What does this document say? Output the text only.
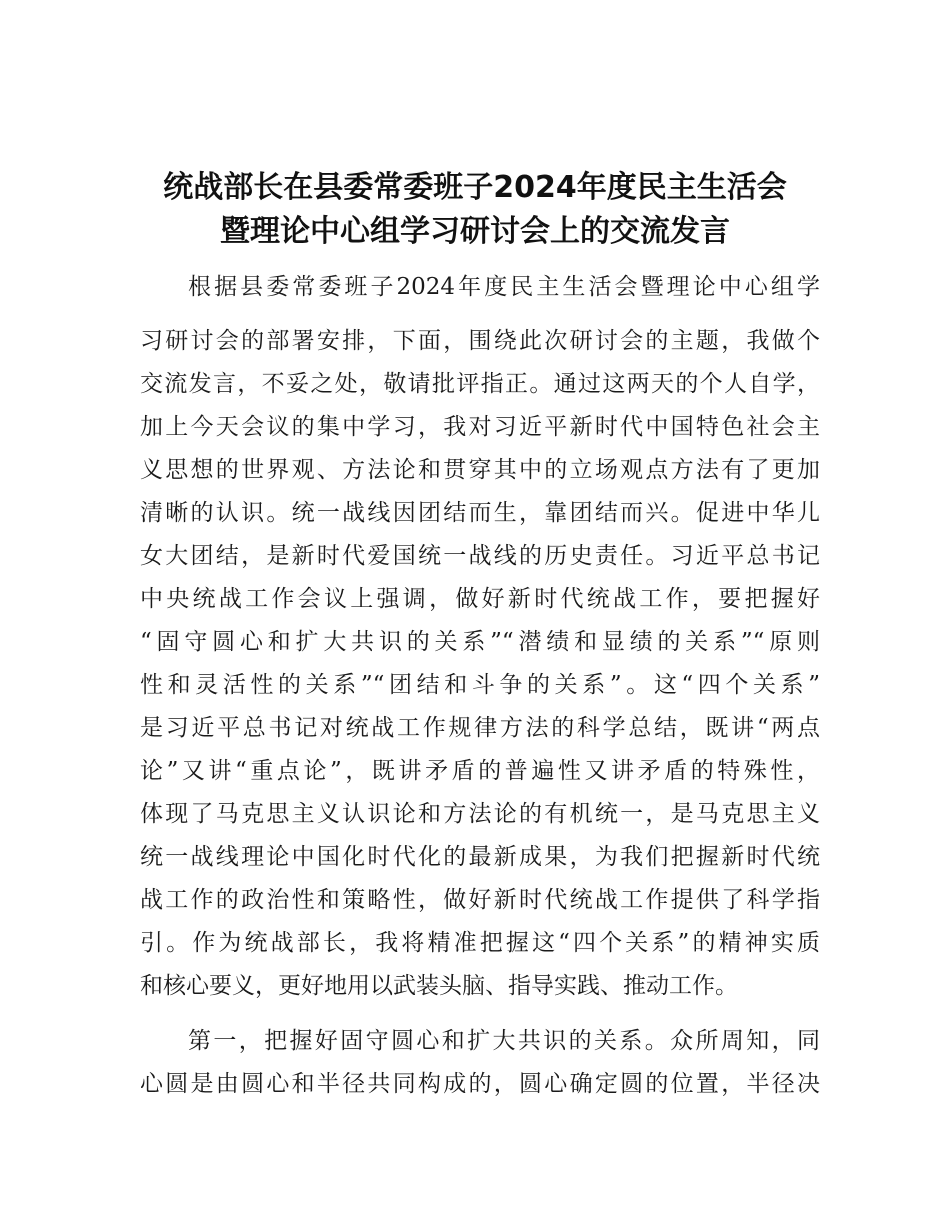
统战部长在县委常委班子2024年度民主生活会
暨理论中心组学习研讨会上的交流发言
根据县委常委班子2024年度民主生活会暨理论中心组学
习研讨会的部署安排，下面，围绕此次研讨会的主题，我做个
交流发言，不妥之处，敬请批评指正。通过这两天的个人自学，
加上今天会议的集中学习，我对习近平新时代中国特色社会主
义思想的世界观、方法论和贯穿其中的立场观点方法有了更加
清晰的认识。统一战线因团结而生，靠团结而兴。促进中华儿
女大团结，是新时代爱国统一战线的历史责任。习近平总书记
中央统战工作会议上强调，做好新时代统战工作，要把握好
“固守圆心和扩大共识的关系”“潜绩和显绩的关系”“原则
性和灵活性的关系”“团结和斗争的关系”。这“四个关系”
是习近平总书记对统战工作规律方法的科学总结，既讲“两点
论”又讲“重点论”，既讲矛盾的普遍性又讲矛盾的特殊性，
体现了马克思主义认识论和方法论的有机统一，是马克思主义
统一战线理论中国化时代化的最新成果，为我们把握新时代统
战工作的政治性和策略性，做好新时代统战工作提供了科学指
引。作为统战部长，我将精准把握这“四个关系”的精神实质
和核心要义，更好地用以武装头脑、指导实践、推动工作。
第一，把握好固守圆心和扩大共识的关系。众所周知，同
心圆是由圆心和半径共同构成的，圆心确定圆的位置，半径决
